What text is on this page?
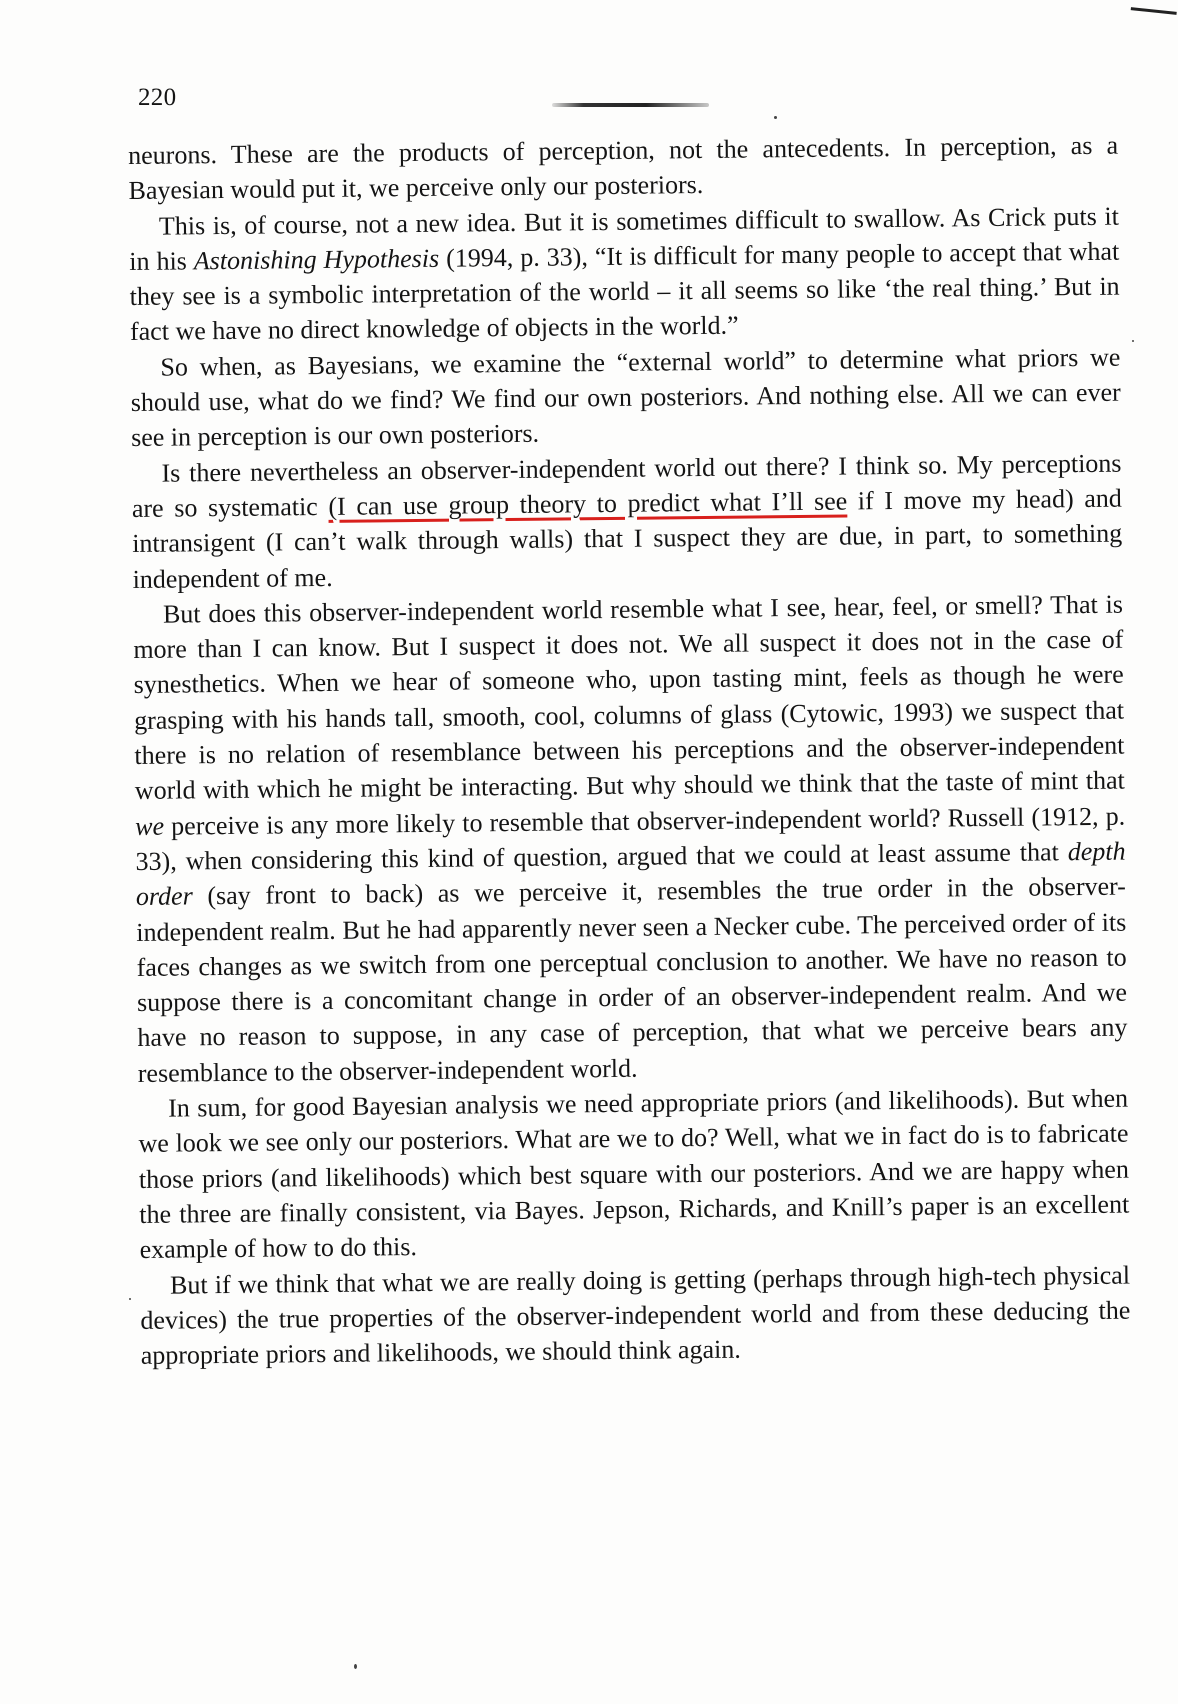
220

neurons. These are the products of perception, not the antecedents. In perception, as a Bayesian would put it, we perceive only our posteriors.

This is, of course, not a new idea. But it is sometimes difficult to swallow. As Crick puts it in his Astonishing Hypothesis (1994, p. 33), “It is difficult for many people to accept that what they see is a symbolic interpretation of the world – it all seems so like ‘the real thing.’ But in fact we have no direct knowledge of objects in the world.”

So when, as Bayesians, we examine the “external world” to determine what priors we should use, what do we find? We find our own posteriors. And nothing else. All we can ever see in perception is our own posteriors.

Is there nevertheless an observer-independent world out there? I think so. My perceptions are so systematic (I can use group theory to predict what I’ll see if I move my head) and intransigent (I can’t walk through walls) that I suspect they are due, in part, to something independent of me.

But does this observer-independent world resemble what I see, hear, feel, or smell? That is more than I can know. But I suspect it does not. We all suspect it does not in the case of synesthetics. When we hear of someone who, upon tasting mint, feels as though he were grasping with his hands tall, smooth, cool, columns of glass (Cytowic, 1993) we suspect that there is no relation of resemblance between his perceptions and the observer-independent world with which he might be interacting. But why should we think that the taste of mint that we perceive is any more likely to resemble that observer-independent world? Russell (1912, p. 33), when considering this kind of question, argued that we could at least assume that depth order (say front to back) as we perceive it, resembles the true order in the observer-independent realm. But he had apparently never seen a Necker cube. The perceived order of its faces changes as we switch from one perceptual conclusion to another. We have no reason to suppose there is a concomitant change in order of an observer-independent realm. And we have no reason to suppose, in any case of perception, that what we perceive bears any resemblance to the observer-independent world.

In sum, for good Bayesian analysis we need appropriate priors (and likelihoods). But when we look we see only our posteriors. What are we to do? Well, what we in fact do is to fabricate those priors (and likelihoods) which best square with our posteriors. And we are happy when the three are finally consistent, via Bayes. Jepson, Richards, and Knill’s paper is an excellent example of how to do this.

But if we think that what we are really doing is getting (perhaps through high-tech physical devices) the true properties of the observer-independent world and from these deducing the appropriate priors and likelihoods, we should think again.
